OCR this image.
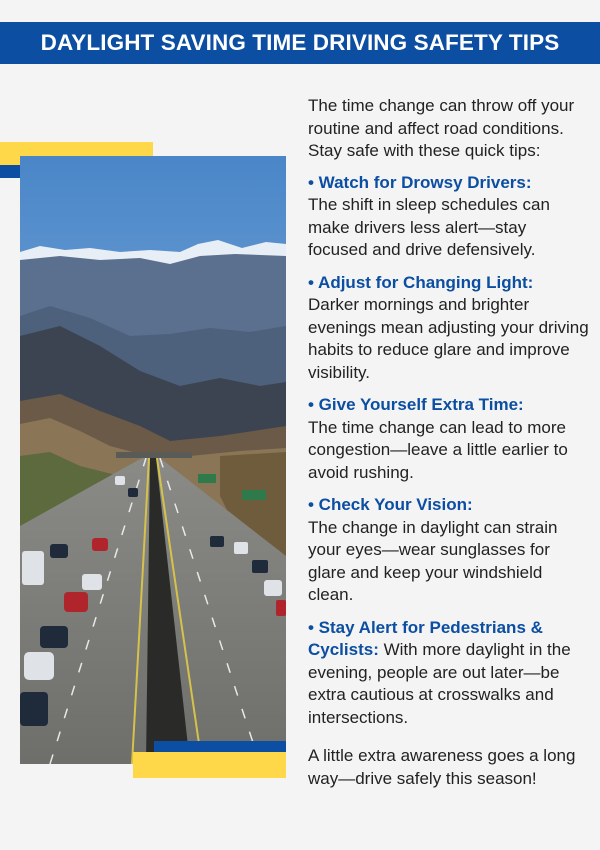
DAYLIGHT SAVING TIME DRIVING SAFETY TIPS

The time change can throw off your routine and affect road conditions. Stay safe with these quick tips:

• Watch for Drowsy Drivers:
The shift in sleep schedules can make drivers less alert—stay focused and drive defensively.

• Adjust for Changing Light:
Darker mornings and brighter evenings mean adjusting your driving habits to reduce glare and improve visibility.

• Give Yourself Extra Time:
The time change can lead to more congestion—leave a little earlier to avoid rushing.

• Check Your Vision:
The change in daylight can strain your eyes—wear sunglasses for glare and keep your windshield clean.

• Stay Alert for Pedestrians & Cyclists: With more daylight in the evening, people are out later—be extra cautious at crosswalks and intersections.

A little extra awareness goes a long way—drive safely this season!
